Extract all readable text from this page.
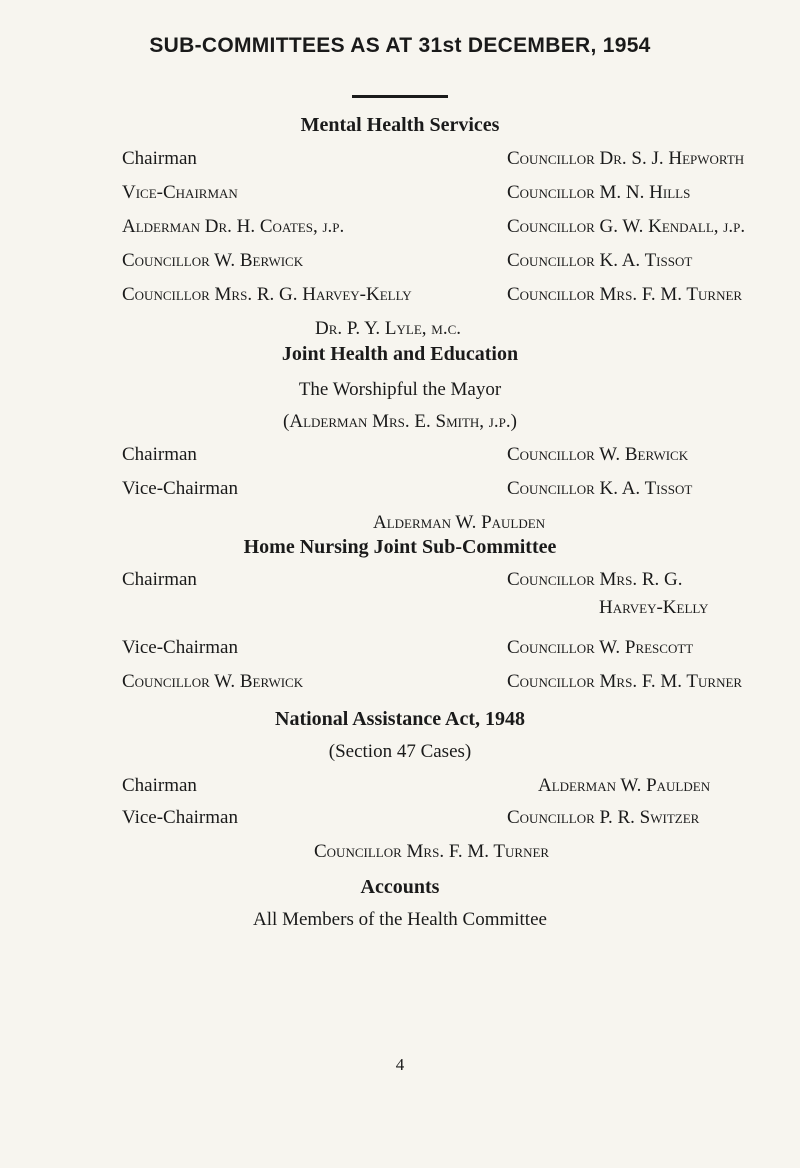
SUB-COMMITTEES AS AT 31st DECEMBER, 1954
Mental Health Services
Chairman
Vice-Chairman
Alderman Dr. H. Coates, j.p.
Councillor W. Berwick
Councillor Mrs. R. G. Harvey-Kelly
Councillor Dr. S. J. Hepworth
Councillor M. N. Hills
Councillor G. W. Kendall, j.p.
Councillor K. A. Tissot
Councillor Mrs. F. M. Turner
Dr. P. Y. Lyle, m.c.
Joint Health and Education
The Worshipful the Mayor
(Alderman Mrs. E. Smith, j.p.)
Chairman
Vice-Chairman
Councillor W. Berwick
Councillor K. A. Tissot
Alderman W. Paulden
Home Nursing Joint Sub-Committee
Chairman
Vice-Chairman
Councillor W. Berwick
Councillor Mrs. R. G.
Harvey-Kelly
Councillor W. Prescott
Councillor Mrs. F. M. Turner
National Assistance Act, 1948
(Section 47 Cases)
Chairman
Vice-Chairman
Alderman W. Paulden
Councillor P. R. Switzer
Councillor Mrs. F. M. Turner
Accounts
All Members of the Health Committee
4
